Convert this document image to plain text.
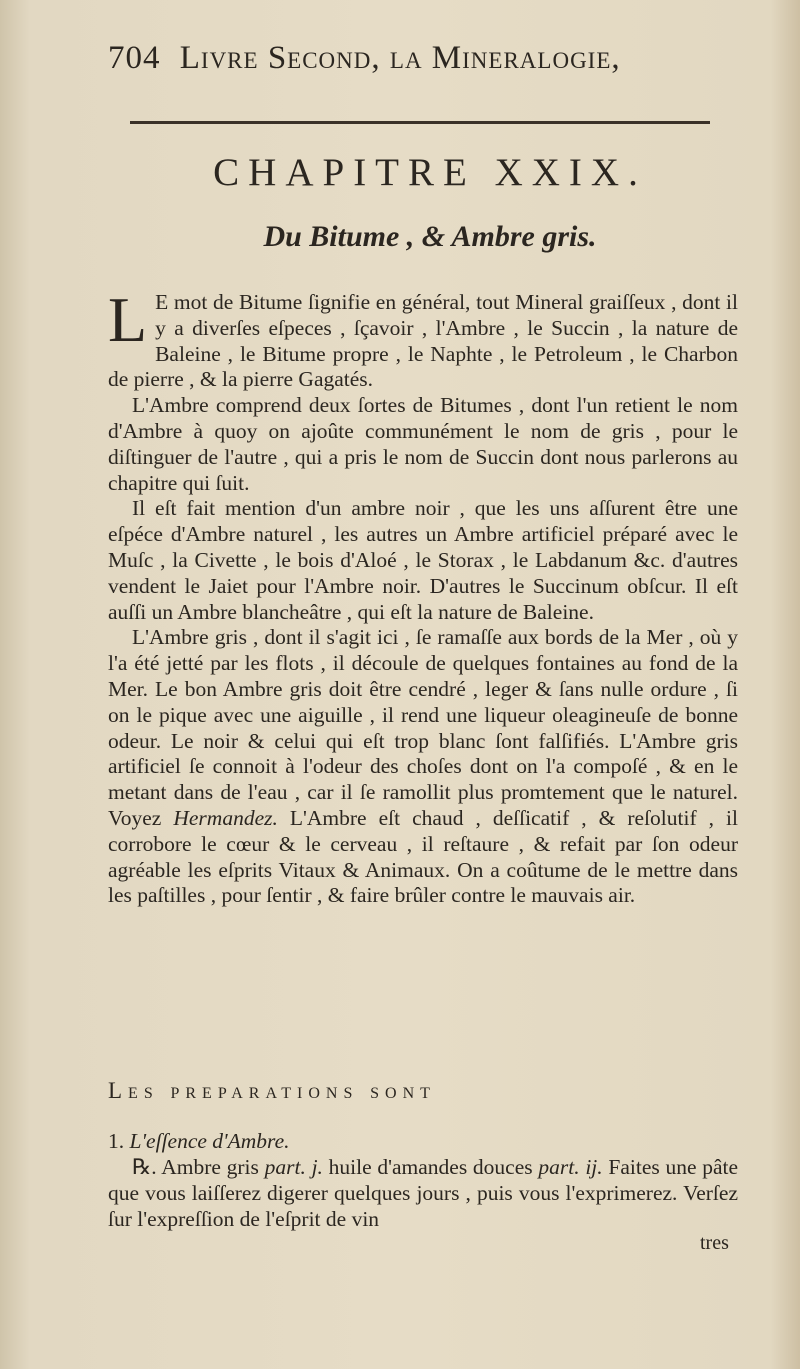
704 Livre Second, la Mineralogie,
CHAPITRE XXIX.
Du Bitume , & Ambre gris.

L E mot de Bitume ſignifie en général, tout Mineral graiſſeux , dont il y a diverſes eſpeces , ſçavoir , l'Ambre , le Succin , la nature de Baleine , le Bitume propre , le Naphte , le Petroleum , le Charbon de pierre , & la pierre Gagatés.

L'Ambre comprend deux ſortes de Bitumes , dont l'un retient le nom d'Ambre à quoy on ajoûte communément le nom de gris , pour le diſtinguer de l'autre , qui a pris le nom de Succin dont nous parlerons au chapitre qui ſuit.

Il eſt fait mention d'un ambre noir , que les uns aſſurent être une eſpéce d'Ambre naturel , les autres un Ambre artificiel préparé avec le Muſc , la Civette , le bois d'Aloé , le Storax , le Labdanum &c. d'autres vendent le Jaiet pour l'Ambre noir. D'autres le Succinum obſcur. Il eſt auſſi un Ambre blancheâtre , qui eſt la nature de Baleine.

L'Ambre gris , dont il s'agit ici , ſe ramaſſe aux bords de la Mer , où y l'a été jetté par les flots , il découle de quelques fontaines au fond de la Mer. Le bon Ambre gris doit être cendré , leger & ſans nulle ordure , ſi on le pique avec une aiguille , il rend une liqueur oleagineuſe de bonne odeur. Le noir & celui qui eſt trop blanc ſont falſifiés. L'Ambre gris artificiel ſe connoit à l'odeur des choſes dont on l'a compoſé , & en le metant dans de l'eau , car il ſe ramollit plus promtement que le naturel. Voyez Hermandez. L'Ambre eſt chaud , deſſicatif , & reſolutif , il corrobore le cœur & le cerveau , il reſtaure , & refait par ſon odeur agréable les eſprits Vitaux & Animaux. On a coûtume de le mettre dans les paſtilles , pour ſentir , & faire brûler contre le mauvais air.

Les preparations sont

1. L'eſſence d'Ambre.

℞. Ambre gris part. j. huile d'amandes douces part. ij. Faites une pâte que vous laiſſerez digerer quelques jours , puis vous l'exprimerez. Verſez ſur l'expreſſion de l'eſprit de vin

tres
